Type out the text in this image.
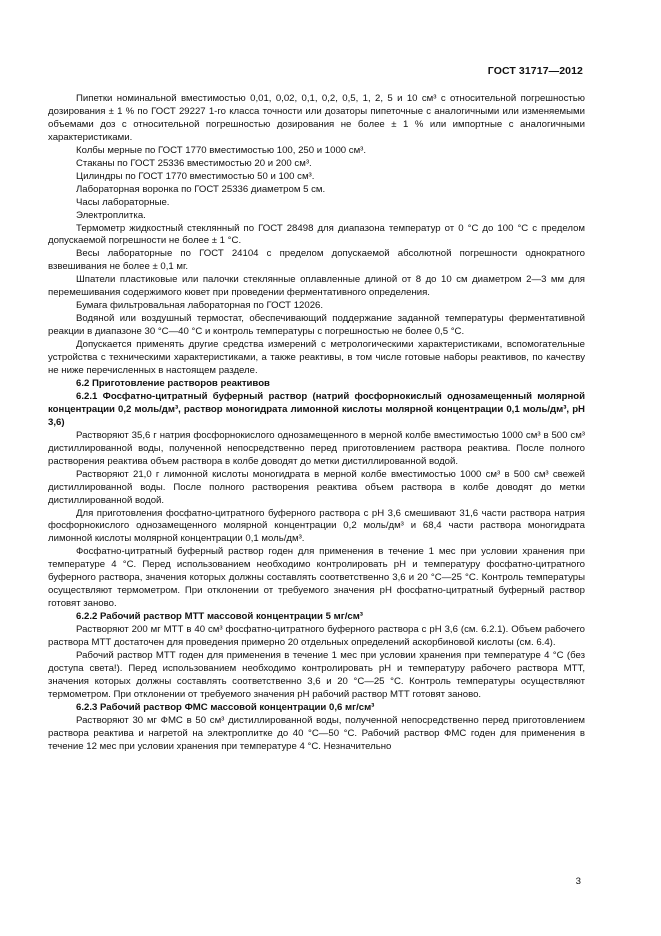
ГОСТ 31717—2012

Пипетки номинальной вместимостью 0,01, 0,02, 0,1, 0,2, 0,5, 1, 2, 5 и 10 см³ с относительной погрешностью дозирования ± 1 % по ГОСТ 29227 1-го класса точности или дозаторы пипеточные с аналогичными или изменяемыми объемами доз с относительной погрешностью дозирования не более ± 1 % или импортные с аналогичными характеристиками.

Колбы мерные по ГОСТ 1770 вместимостью 100, 250 и 1000 см³.

Стаканы по ГОСТ 25336 вместимостью 20 и 200 см³.

Цилиндры по ГОСТ 1770 вместимостью 50 и 100 см³.

Лабораторная воронка по ГОСТ 25336 диаметром 5 см.

Часы лабораторные.

Электроплитка.

Термометр жидкостный стеклянный по ГОСТ 28498 для диапазона температур от 0 °С до 100 °С с пределом допускаемой погрешности не более ± 1 °С.

Весы лабораторные по ГОСТ 24104 с пределом допускаемой абсолютной погрешности однократного взвешивания не более ± 0,1 мг.

Шпатели пластиковые или палочки стеклянные оплавленные длиной от 8 до 10 см диаметром 2—3 мм для перемешивания содержимого кювет при проведении ферментативного определения.

Бумага фильтровальная лабораторная по ГОСТ 12026.

Водяной или воздушный термостат, обеспечивающий поддержание заданной температуры ферментативной реакции в диапазоне 30 °С—40 °С и контроль температуры с погрешностью не более 0,5 °С.

Допускается применять другие средства измерений с метрологическими характеристиками, вспомогательные устройства с техническими характеристиками, а также реактивы, в том числе готовые наборы реактивов, по качеству не ниже перечисленных в настоящем разделе.

6.2 Приготовление растворов реактивов

6.2.1 Фосфатно-цитратный буферный раствор (натрий фосфорнокислый однозамещенный молярной концентрации 0,2 моль/дм³, раствор моногидрата лимонной кислоты молярной концентрации 0,1 моль/дм³, pH 3,6)

Растворяют 35,6 г натрия фосфорнокислого однозамещенного в мерной колбе вместимостью 1000 см³ в 500 см³ дистиллированной воды, полученной непосредственно перед приготовлением раствора реактива. После полного растворения реактива объем раствора в колбе доводят до метки дистиллированной водой.

Растворяют 21,0 г лимонной кислоты моногидрата в мерной колбе вместимостью 1000 см³ в 500 см³ свежей дистиллированной воды. После полного растворения реактива объем раствора в колбе доводят до метки дистиллированной водой.

Для приготовления фосфатно-цитратного буферного раствора с pH 3,6 смешивают 31,6 части раствора натрия фосфорнокислого однозамещенного молярной концентрации 0,2 моль/дм³ и 68,4 части раствора моногидрата лимонной кислоты молярной концентрации 0,1 моль/дм³.

Фосфатно-цитратный буферный раствор годен для применения в течение 1 мес при условии хранения при температуре 4 °С. Перед использованием необходимо контролировать pH и температуру фосфатно-цитратного буферного раствора, значения которых должны составлять соответственно 3,6 и 20 °С—25 °С. Контроль температуры осуществляют термометром. При отклонении от требуемого значения pH фосфатно-цитратный буферный раствор готовят заново.

6.2.2 Рабочий раствор МТТ массовой концентрации 5 мг/см³

Растворяют 200 мг МТТ в 40 см³ фосфатно-цитратного буферного раствора с pH 3,6 (см. 6.2.1). Объем рабочего раствора МТТ достаточен для проведения примерно 20 отдельных определений аскорбиновой кислоты (см. 6.4).

Рабочий раствор МТТ годен для применения в течение 1 мес при условии хранения при температуре 4 °С (без доступа света!). Перед использованием необходимо контролировать pH и температуру рабочего раствора МТТ, значения которых должны составлять соответственно 3,6 и 20 °С—25 °С. Контроль температуры осуществляют термометром. При отклонении от требуемого значения pH рабочий раствор МТТ готовят заново.

6.2.3 Рабочий раствор ФМС массовой концентрации 0,6 мг/см³

Растворяют 30 мг ФМС в 50 см³ дистиллированной воды, полученной непосредственно перед приготовлением раствора реактива и нагретой на электроплитке до 40 °С—50 °С. Рабочий раствор ФМС годен для применения в течение 12 мес при условии хранения при температуре 4 °С. Незначительно

3
